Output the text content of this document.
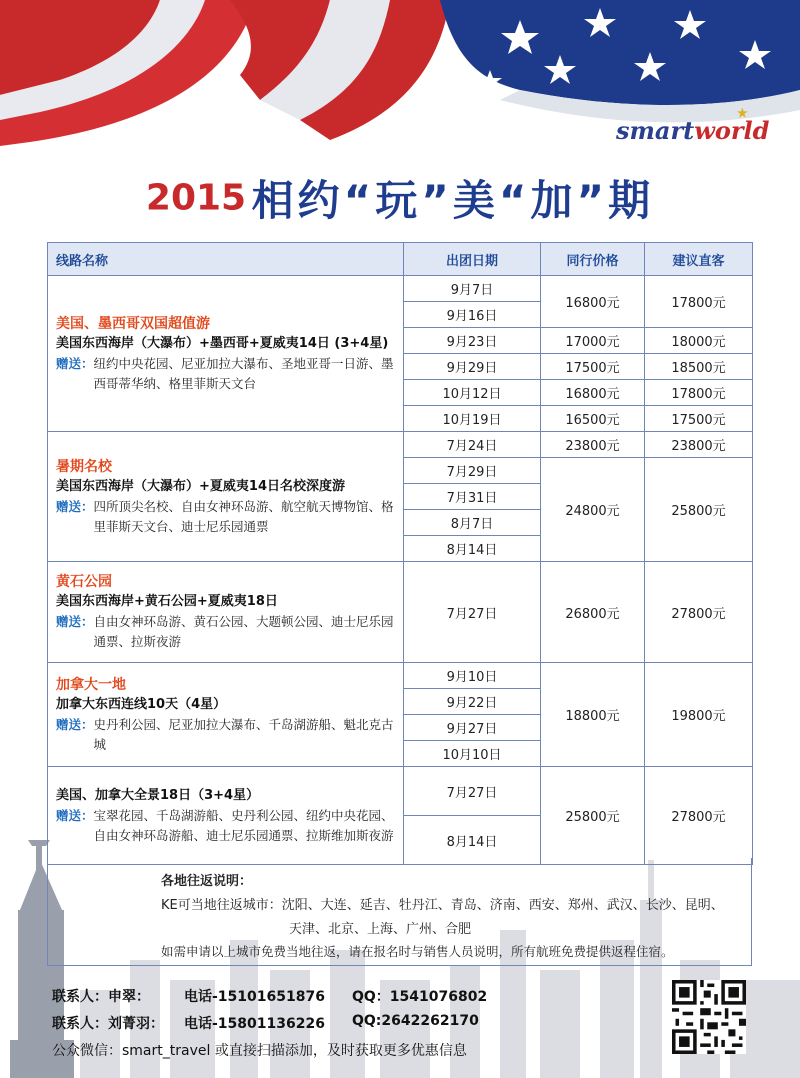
smartworld
★
2015 相约“玩”美“加”期
线路名称	出团日期	同行价格	建议直客

美国、墨西哥双国超值游
美国东西海岸（大瀑布）+墨西哥+夏威夷14日 (3+4星)
赠送： 纽约中央花园、尼亚加拉大瀑布、圣地亚哥一日游、墨西哥蒂华纳、格里菲斯天文台	9月7日	16800元	17800元
	9月16日		
	9月23日	17000元	18000元
	9月29日	17500元	18500元
	10月12日	16800元	17800元
	10月19日	16500元	17500元

暑期名校
美国东西海岸（大瀑布）+夏威夷14日名校深度游
赠送： 四所顶尖名校、自由女神环岛游、航空航天博物馆、格里菲斯天文台、迪士尼乐园通票	7月24日	23800元	23800元
	7月29日	24800元	25800元
	7月31日		
	8月7日		
	8月14日		

黄石公园
美国东西海岸+黄石公园+夏威夷18日
赠送： 自由女神环岛游、黄石公园、大题顿公园、迪士尼乐园通票、拉斯夜游	7月27日	26800元	27800元

加拿大一地
加拿大东西连线10天（4星）
赠送： 史丹利公园、尼亚加拉大瀑布、千岛湖游船、魁北克古城	9月10日	18800元	19800元
	9月22日		
	9月27日		
	10月10日		

美国、加拿大全景18日（3+4星）
赠送： 宝翠花园、千岛湖游船、史丹利公园、纽约中央花园、自由女神环岛游船、迪士尼乐园通票、拉斯维加斯夜游	7月27日	25800元	27800元
	8月14日		
各地往返说明：
KE可当地往返城市：沈阳、大连、延吉、牡丹江、青岛、济南、西安、郑州、武汉、长沙、昆明、
天津、北京、上海、广州、合肥
如需申请以上城市免费当地往返，请在报名时与销售人员说明，所有航班免费提供返程住宿。
联系人：申翠： 电话-15101651876 QQ：1541076802
联系人：刘菁羽： 电话-15801136226 QQ:2642262170
公众微信：smart_travel 或直接扫描添加，及时获取更多优惠信息
